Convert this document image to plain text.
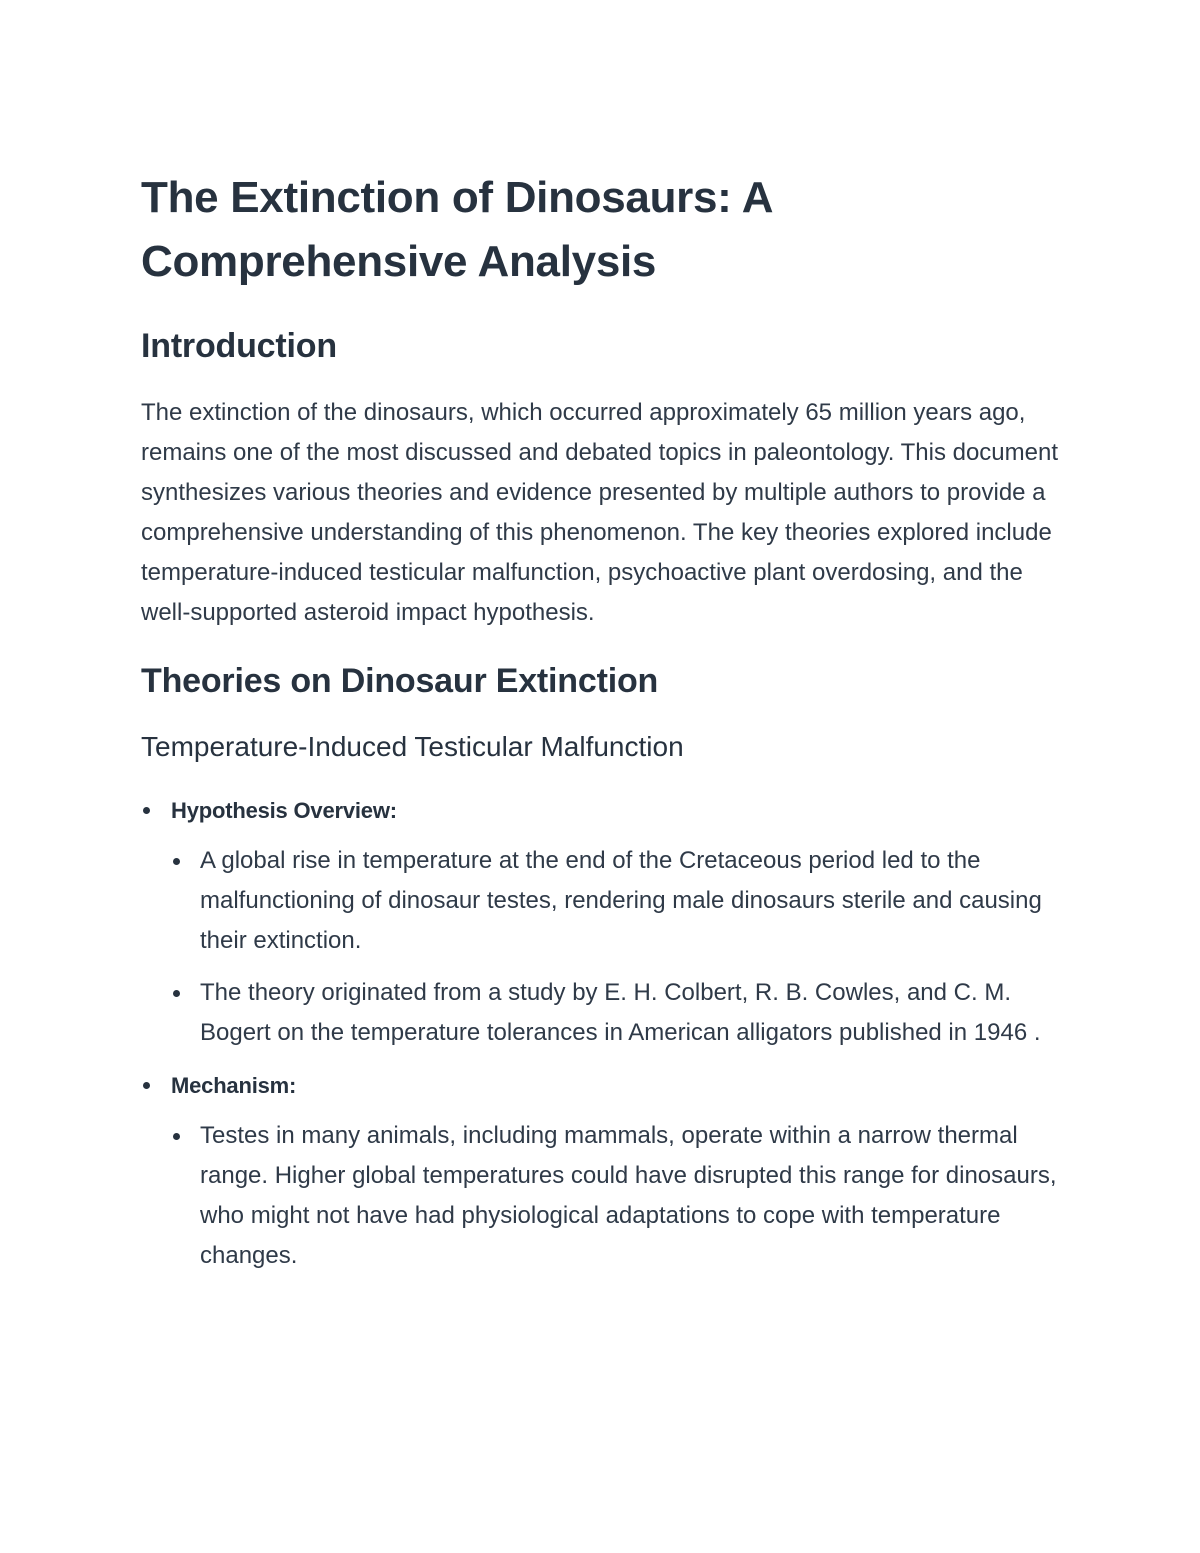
The Extinction of Dinosaurs: A Comprehensive Analysis
Introduction

The extinction of the dinosaurs, which occurred approximately 65 million years ago, remains one of the most discussed and debated topics in paleontology. This document synthesizes various theories and evidence presented by multiple authors to provide a comprehensive understanding of this phenomenon. The key theories explored include temperature-induced testicular malfunction, psychoactive plant overdosing, and the well-supported asteroid impact hypothesis.

Theories on Dinosaur Extinction
Temperature-Induced Testicular Malfunction
Hypothesis Overview:
A global rise in temperature at the end of the Cretaceous period led to the malfunctioning of dinosaur testes, rendering male dinosaurs sterile and causing their extinction.
The theory originated from a study by E. H. Colbert, R. B. Cowles, and C. M. Bogert on the temperature tolerances in American alligators published in 1946 .
Mechanism:
Testes in many animals, including mammals, operate within a narrow thermal range. Higher global temperatures could have disrupted this range for dinosaurs, who might not have had physiological adaptations to cope with temperature changes.
